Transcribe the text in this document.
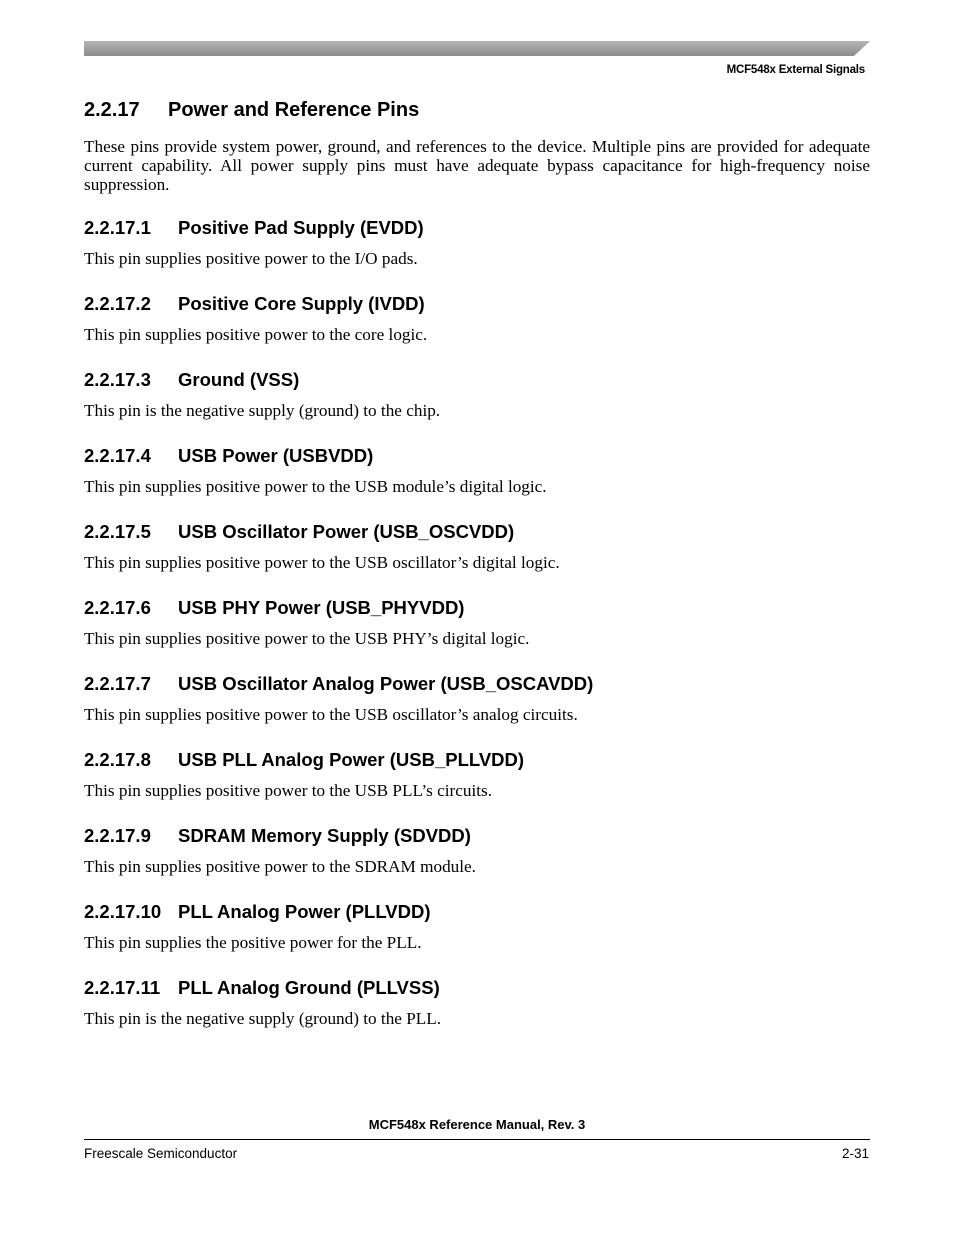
MCF548x External Signals
2.2.17 Power and Reference Pins

These pins provide system power, ground, and references to the device. Multiple pins are provided for adequate current capability. All power supply pins must have adequate bypass capacitance for high-frequency noise suppression.

2.2.17.1 Positive Pad Supply (EVDD)

This pin supplies positive power to the I/O pads.

2.2.17.2 Positive Core Supply (IVDD)

This pin supplies positive power to the core logic.

2.2.17.3 Ground (VSS)

This pin is the negative supply (ground) to the chip.

2.2.17.4 USB Power (USBVDD)

This pin supplies positive power to the USB module’s digital logic.

2.2.17.5 USB Oscillator Power (USB_OSCVDD)

This pin supplies positive power to the USB oscillator’s digital logic.

2.2.17.6 USB PHY Power (USB_PHYVDD)

This pin supplies positive power to the USB PHY’s digital logic.

2.2.17.7 USB Oscillator Analog Power (USB_OSCAVDD)

This pin supplies positive power to the USB oscillator’s analog circuits.

2.2.17.8 USB PLL Analog Power (USB_PLLVDD)

This pin supplies positive power to the USB PLL’s circuits.

2.2.17.9 SDRAM Memory Supply (SDVDD)

This pin supplies positive power to the SDRAM module.

2.2.17.10 PLL Analog Power (PLLVDD)

This pin supplies the positive power for the PLL.

2.2.17.11 PLL Analog Ground (PLLVSS)

This pin is the negative supply (ground) to the PLL.

MCF548x Reference Manual, Rev. 3
Freescale Semiconductor	2-31
